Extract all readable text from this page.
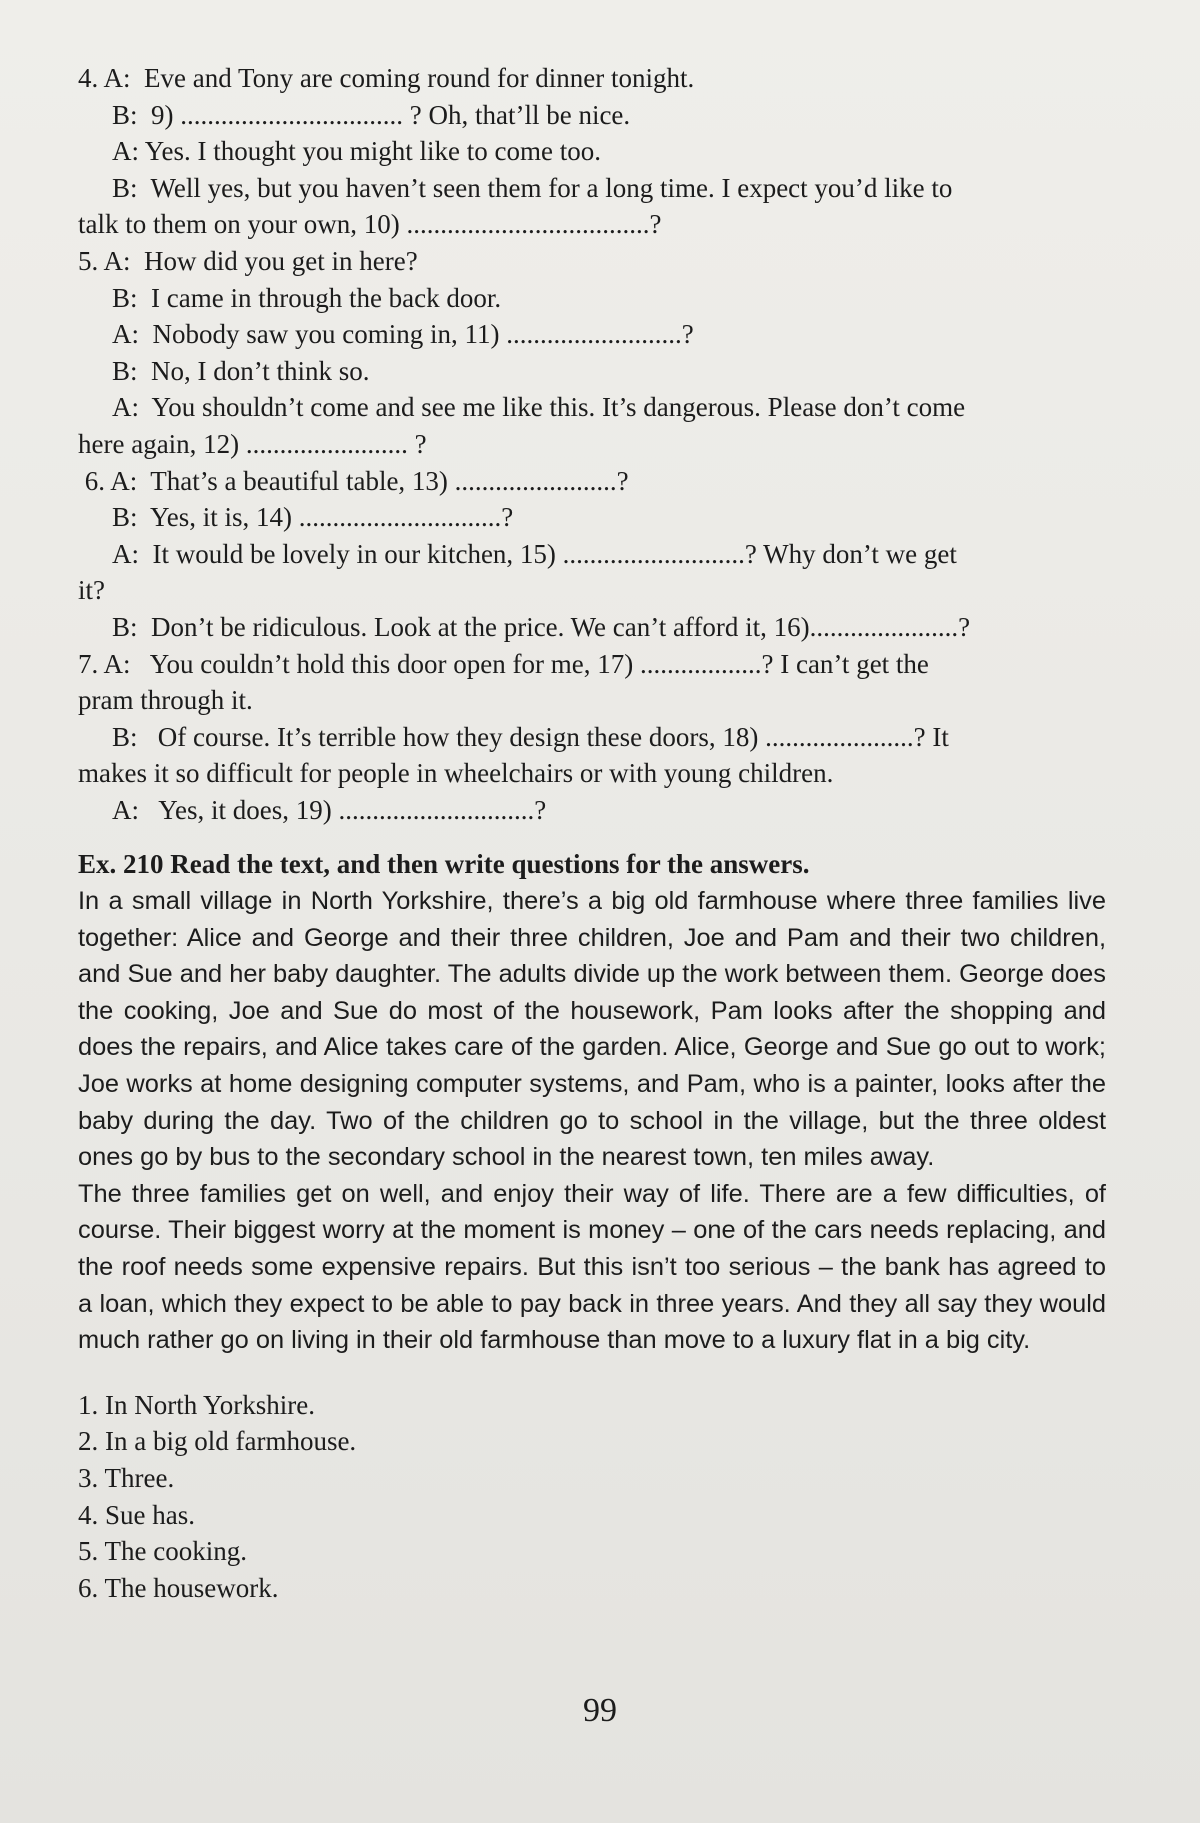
4. A:  Eve and Tony are coming round for dinner tonight.
B:  9) ................................. ? Oh, that’ll be nice.
A: Yes. I thought you might like to come too.
B:  Well yes, but you haven’t seen them for a long time. I expect you’d like to
talk to them on your own, 10) ....................................?
5. A:  How did you get in here?
B:  I came in through the back door.
A:  Nobody saw you coming in, 11) ..........................?
B:  No, I don’t think so.
A:  You shouldn’t come and see me like this. It’s dangerous. Please don’t come
here again, 12) ........................ ?
6. A:  That’s a beautiful table, 13) ........................?
B:  Yes, it is, 14) ..............................?
A:  It would be lovely in our kitchen, 15) ...........................? Why don’t we get
it?
B:  Don’t be ridiculous. Look at the price. We can’t afford it, 16)......................?
7. A:   You couldn’t hold this door open for me, 17) ..................? I can’t get the
pram through it.
B:   Of course. It’s terrible how they design these doors, 18) ......................? It
makes it so difficult for people in wheelchairs or with young children.
A:   Yes, it does, 19) .............................?
Ex. 210 Read the text, and then write questions for the answers.

In a small village in North Yorkshire, there’s a big old farmhouse where three families live together: Alice and George and their three children, Joe and Pam and their two children, and Sue and her baby daughter. The adults divide up the work between them. George does the cooking, Joe and Sue do most of the housework, Pam looks after the shopping and does the repairs, and Alice takes care of the garden. Alice, George and Sue go out to work; Joe works at home designing computer systems, and Pam, who is a painter, looks after the baby during the day. Two of the children go to school in the village, but the three oldest ones go by bus to the secondary school in the nearest town, ten miles away.

The three families get on well, and enjoy their way of life. There are a few difficulties, of course. Their biggest worry at the moment is money – one of the cars needs replacing, and the roof needs some expensive repairs. But this isn’t too serious – the bank has agreed to a loan, which they expect to be able to pay back in three years. And they all say they would much rather go on living in their old farmhouse than move to a luxury flat in a big city.

1. In North Yorkshire.
2. In a big old farmhouse.
3. Three.
4. Sue has.
5. The cooking.
6. The housework.
99
